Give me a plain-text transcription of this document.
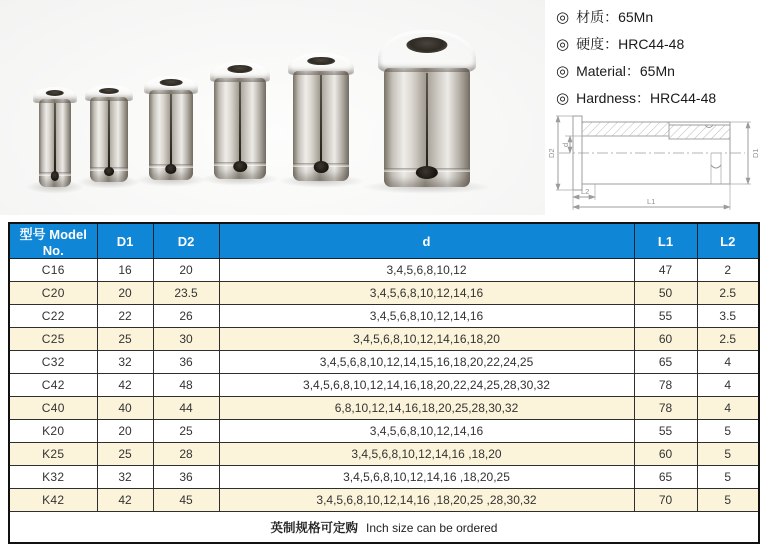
◎ 材质 ： 65Mn
◎ 硬度 ： HRC44-48
◎ Material ： 65Mn
◎ Hardness ： HRC44-48
D2
d
D1
L2
L1
型号 Model No.	D1	D2	d	L1	L2
C16	16	20	3,4,5,6,8,10,12	47	2
C20	20	23.5	3,4,5,6,8,10,12,14,16	50	2.5
C22	22	26	3,4,5,6,8,10,12,14,16	55	3.5
C25	25	30	3,4,5,6,8,10,12,14,16,18,20	60	2.5
C32	32	36	3,4,5,6,8,10,12,14,15,16,18,20,22,24,25	65	4
C42	42	48	3,4,5,6,8,10,12,14,16,18,20,22,24,25,28,30,32	78	4
C40	40	44	6,8,10,12,14,16,18,20,25,28,30,32	78	4
K20	20	25	3,4,5,6,8,10,12,14,16	55	5
K25	25	28	3,4,5,6,8,10,12,14,16 ,18,20	60	5
K32	32	36	3,4,5,6,8,10,12,14,16 ,18,20,25	65	5
K42	42	45	3,4,5,6,8,10,12,14,16 ,18,20,25 ,28,30,32	70	5
英制规格可定购 Inch size can be ordered					
